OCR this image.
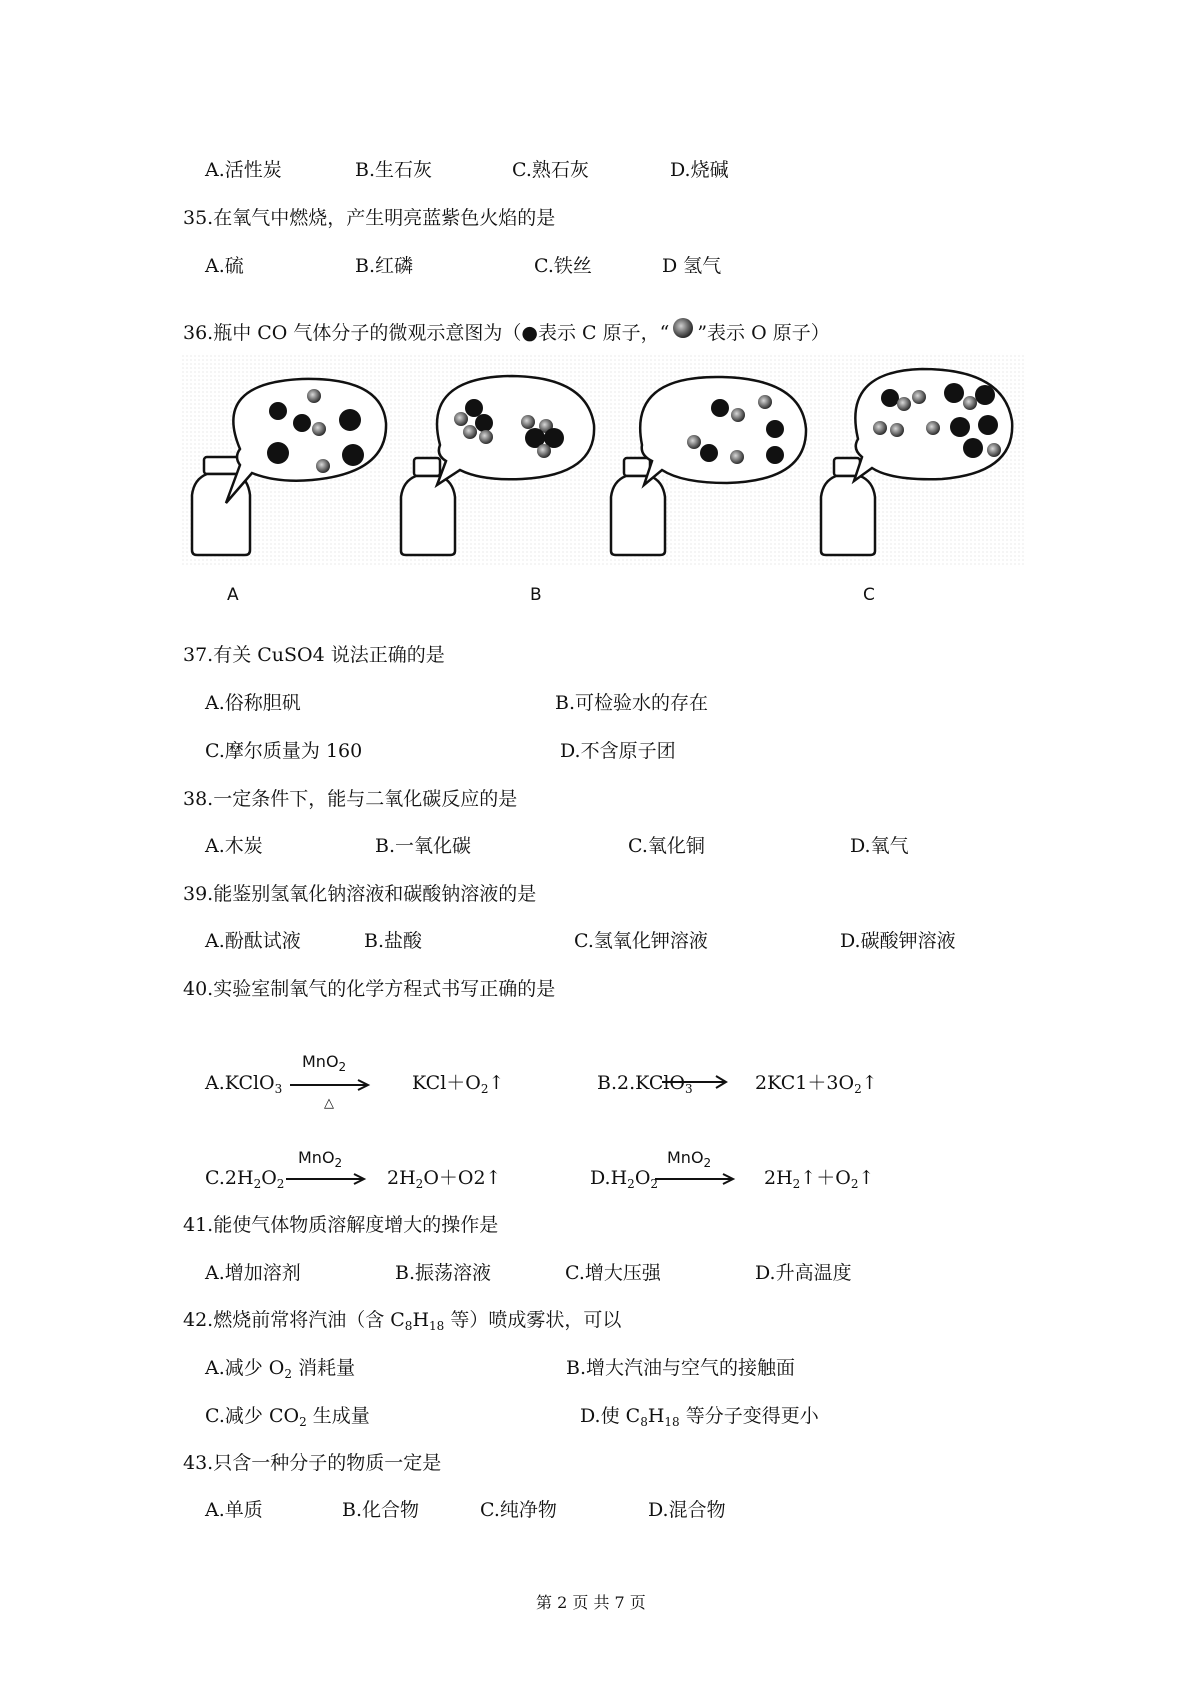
A.活性炭	B.生石灰	C.熟石灰	D.烧碱
35.在氧气中燃烧，产生明亮蓝紫色火焰的是
A.硫	B.红磷	C.铁丝	D 氢气
36.瓶中 CO 气体分子的微观示意图为（●表示 C 原子，“ ”表示 O 原子）
A	B	C
37.有关 CuSO4 说法正确的是
A.俗称胆矾	B.可检验水的存在
C.摩尔质量为 160	D.不含原子团
38.一定条件下，能与二氧化碳反应的是
A.木炭	B.一氧化碳	C.氧化铜	D.氧气
39.能鉴别氢氧化钠溶液和碳酸钠溶液的是
A.酚酞试液	B.盐酸	C.氢氧化钾溶液	D.碳酸钾溶液
40.实验室制氧气的化学方程式书写正确的是
A.KClO$_3$
MnO$_2$
△
$KCl+O_2↑$	B.2.KClO$_3$	$2KC1+3O_2↑$
$C.2H_2O_2$
MnO$_2$
$2H_2O+O2↑$	$D.H_2O_2$
MnO$_2$
$2H_2↑+O_2↑$
41.能使气体物质溶解度增大的操作是
A.增加溶剂	B.振荡溶液	C.增大压强	D.升高温度
42.燃烧前常将汽油（含 $C_8H_{18}$ 等）喷成雾状，可以
A.减少 $O_2$ 消耗量	B.增大汽油与空气的接触面
C.减少 $CO_2$ 生成量	D.使 $C_8H_{18}$ 等分子变得更小
43.只含一种分子的物质一定是
A.单质	B.化合物	C.纯净物	D.混合物
第 2 页 共 7 页
